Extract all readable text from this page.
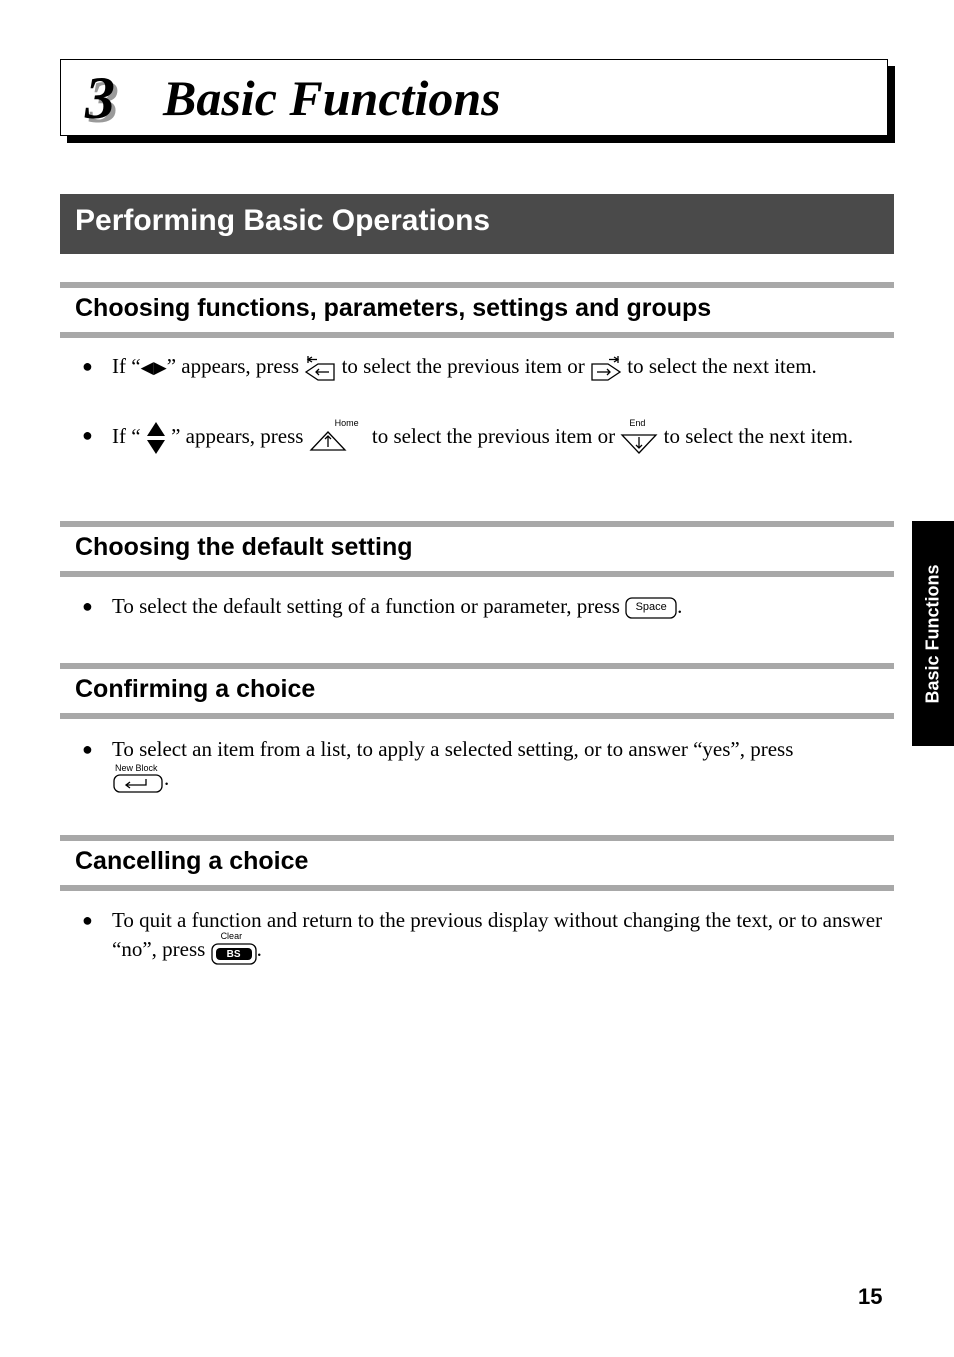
3 Basic Functions
Performing Basic Operations
Choosing functions, parameters, settings and groups
● If “◀▶” appears, press to select the previous item or to select the next item.
● If “ ” appears, press
Home
to select the previous item or
End
to select the next item.
Choosing the default setting
● To select the default setting of a function or parameter, press	Space .
Confirming a choice
● To select an item from a list, to apply a selected setting, or to answer “yes”, press

New Block .
Cancelling a choice
● To quit a function and return to the previous display without changing the text, or to answer “no”, press
Clear
BS .
Basic Functions
15
